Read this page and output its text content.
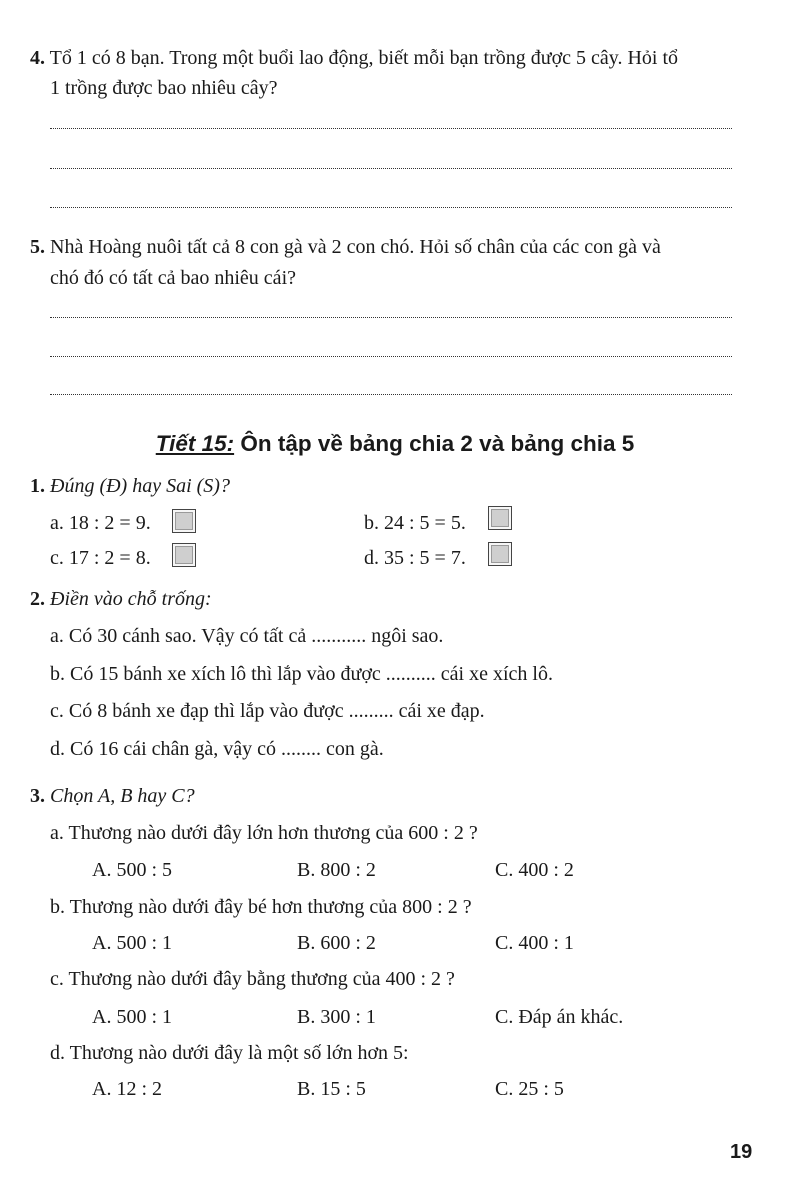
4. Tổ 1 có 8 bạn. Trong một buổi lao động, biết mỗi bạn trồng được 5 cây. Hỏi tổ
1 trồng được bao nhiêu cây?
5. Nhà Hoàng nuôi tất cả 8 con gà và 2 con chó. Hỏi số chân của các con gà và
chó đó có tất cả bao nhiêu cái?
Tiết 15: Ôn tập về bảng chia 2 và bảng chia 5
1. Đúng (Đ) hay Sai (S)?
a. 18 : 2 = 9.	b. 24 : 5 = 5.
c. 17 : 2 = 8.	d. 35 : 5 = 7.
2. Điền vào chỗ trống:
a. Có 30 cánh sao. Vậy có tất cả ........... ngôi sao.
b. Có 15 bánh xe xích lô thì lắp vào được .......... cái xe xích lô.
c. Có 8 bánh xe đạp thì lắp vào được ......... cái xe đạp.
d. Có 16 cái chân gà, vậy có ........ con gà.
3. Chọn A, B hay C?
a. Thương nào dưới đây lớn hơn thương của 600 : 2 ?
A. 500 : 5	B. 800 : 2	C. 400 : 2
b. Thương nào dưới đây bé hơn thương của 800 : 2 ?
A. 500 : 1	B. 600 : 2	C. 400 : 1
c. Thương nào dưới đây bằng thương của 400 : 2 ?
A. 500 : 1	B. 300 : 1	C. Đáp án khác.
d. Thương nào dưới đây là một số lớn hơn 5:
A. 12 : 2	B. 15 : 5	C. 25 : 5
19
